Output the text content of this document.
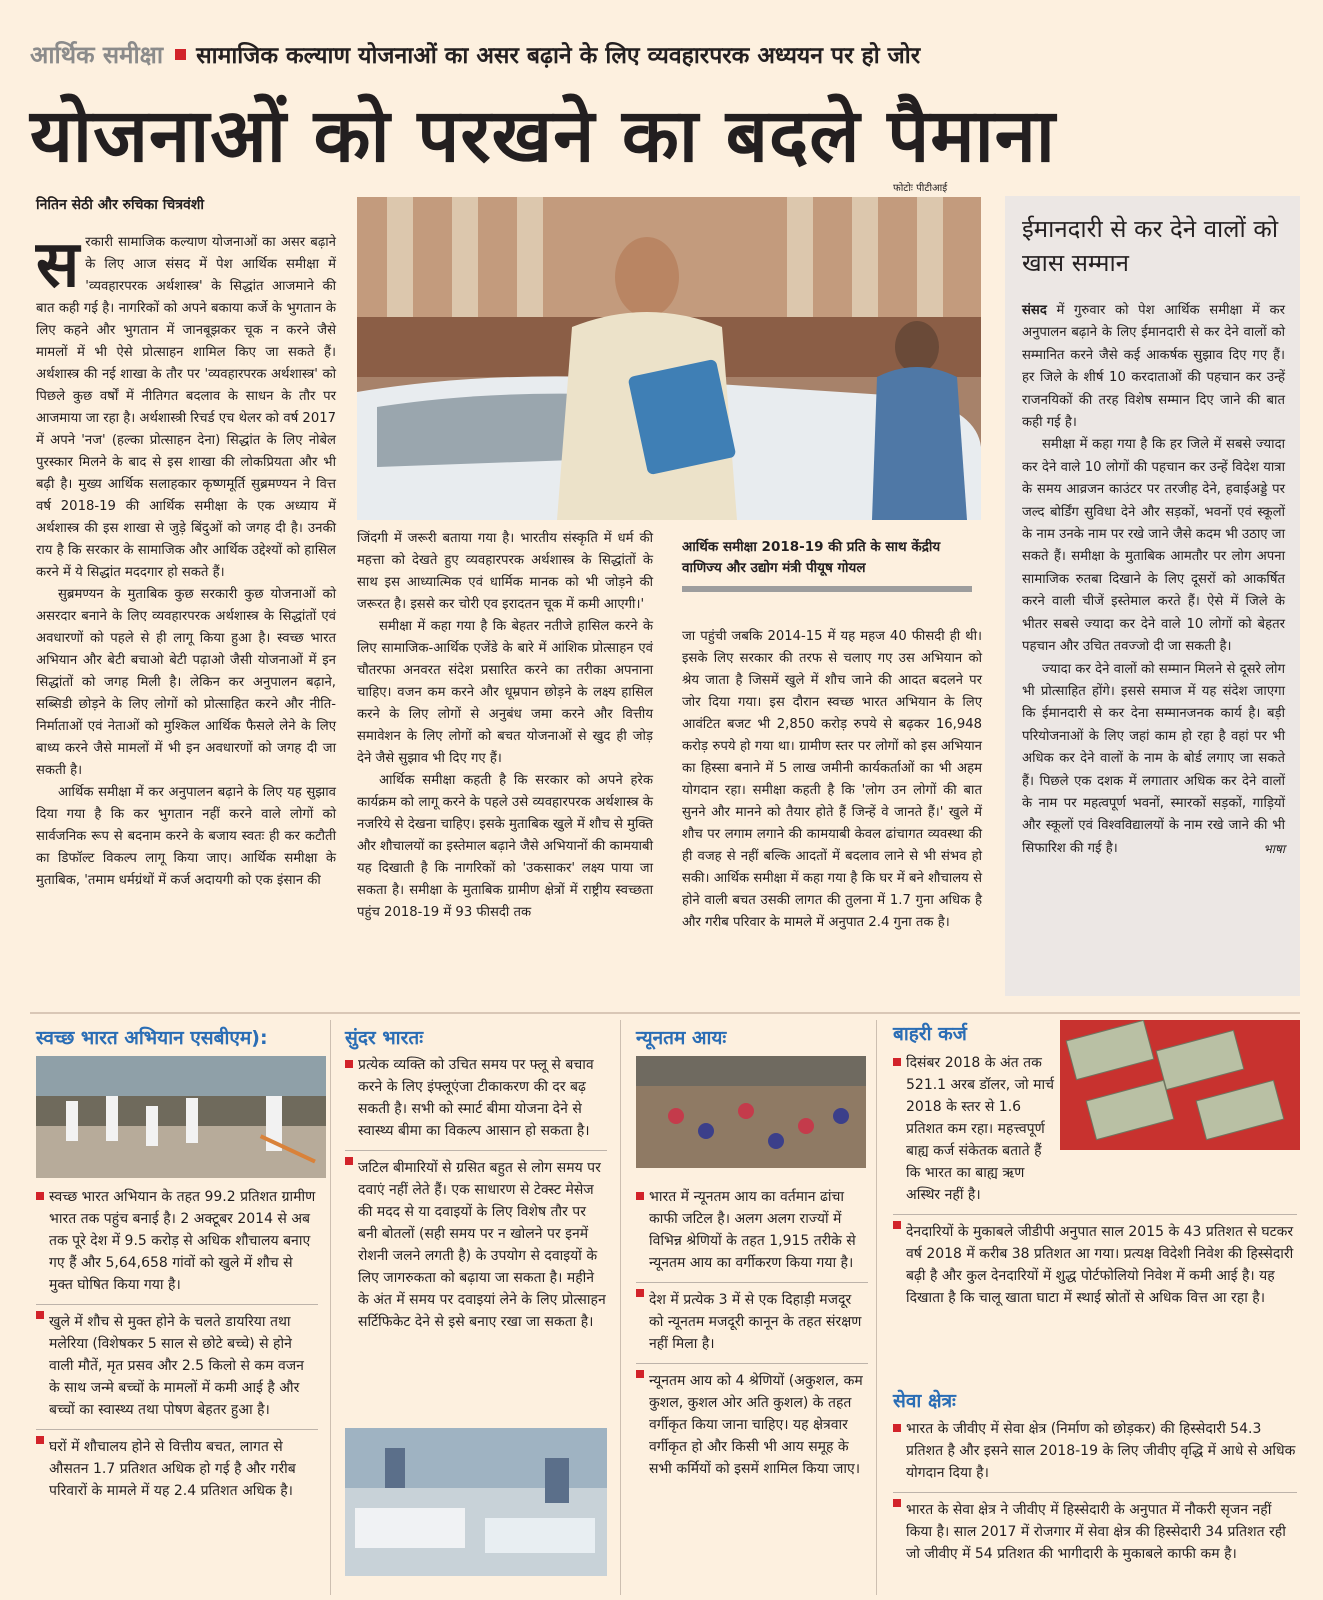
आर्थिक समीक्षा सामाजिक कल्याण योजनाओं का असर बढ़ाने के लिए व्यवहारपरक अध्ययन पर हो जोर
योजनाओं को परखने का बदले पैमाना
नितिन सेठी और रुचिका चित्रवंशी
फोटोः पीटीआई

सरकारी सामाजिक कल्याण योजनाओं का असर बढ़ाने के लिए आज संसद में पेश आर्थिक समीक्षा में 'व्यवहारपरक अर्थशास्त्र' के सिद्धांत आजमाने की बात कही गई है। नागरिकों को अपने बकाया कर्जे के भुगतान के लिए कहने और भुगतान में जानबूझकर चूक न करने जैसे मामलों में भी ऐसे प्रोत्साहन शामिल किए जा सकते हैं। अर्थशास्त्र की नई शाखा के तौर पर 'व्यवहारपरक अर्थशास्त्र' को पिछले कुछ वर्षों में नीतिगत बदलाव के साधन के तौर पर आजमाया जा रहा है। अर्थशास्त्री रिचर्ड एच थेलर को वर्ष 2017 में अपने 'नज' (हल्का प्रोत्साहन देना) सिद्धांत के लिए नोबेल पुरस्कार मिलने के बाद से इस शाखा की लोकप्रियता और भी बढ़ी है। मुख्य आर्थिक सलाहकार कृष्णमूर्ति सुब्रमण्यन ने वित्त वर्ष 2018-19 की आर्थिक समीक्षा के एक अध्याय में अर्थशास्त्र की इस शाखा से जुड़े बिंदुओं को जगह दी है। उनकी राय है कि सरकार के सामाजिक और आर्थिक उद्देश्यों को हासिल करने में ये सिद्धांत मददगार हो सकते हैं।

सुब्रमण्यन के मुताबिक कुछ सरकारी कुछ योजनाओं को असरदार बनाने के लिए व्यवहारपरक अर्थशास्त्र के सिद्धांतों एवं अवधारणों को पहले से ही लागू किया हुआ है। स्वच्छ भारत अभियान और बेटी बचाओ बेटी पढ़ाओ जैसी योजनाओं में इन सिद्धांतों को जगह मिली है। लेकिन कर अनुपालन बढ़ाने, सब्सिडी छोड़ने के लिए लोगों को प्रोत्साहित करने और नीति-निर्माताओं एवं नेताओं को मुश्किल आर्थिक फैसले लेने के लिए बाध्य करने जैसे मामलों में भी इन अवधारणों को जगह दी जा सकती है।

आर्थिक समीक्षा में कर अनुपालन बढ़ाने के लिए यह सुझाव दिया गया है कि कर भुगतान नहीं करने वाले लोगों को सार्वजनिक रूप से बदनाम करने के बजाय स्वतः ही कर कटौती का डिफॉल्ट विकल्प लागू किया जाए। आर्थिक समीक्षा के मुताबिक, 'तमाम धर्मग्रंथों में कर्ज अदायगी को एक इंसान की

जिंदगी में जरूरी बताया गया है। भारतीय संस्कृति में धर्म की महत्ता को देखते हुए व्यवहारपरक अर्थशास्त्र के सिद्धांतों के साथ इस आध्यात्मिक एवं धार्मिक मानक को भी जोड़ने की जरूरत है। इससे कर चोरी एव इरादतन चूक में कमी आएगी।'

समीक्षा में कहा गया है कि बेहतर नतीजे हासिल करने के लिए सामाजिक-आर्थिक एजेंडे के बारे में आंशिक प्रोत्साहन एवं चौतरफा अनवरत संदेश प्रसारित करने का तरीका अपनाना चाहिए। वजन कम करने और धूम्रपान छोड़ने के लक्ष्य हासिल करने के लिए लोगों से अनुबंध जमा करने और वित्तीय समावेशन के लिए लोगों को बचत योजनाओं से खुद ही जोड़ देने जैसे सुझाव भी दिए गए हैं।

आर्थिक समीक्षा कहती है कि सरकार को अपने हरेक कार्यक्रम को लागू करने के पहले उसे व्यवहारपरक अर्थशास्त्र के नजरिये से देखना चाहिए। इसके मुताबिक खुले में शौच से मुक्ति और शौचालयों का इस्तेमाल बढ़ाने जैसे अभियानों की कामयाबी यह दिखाती है कि नागरिकों को 'उकसाकर' लक्ष्य पाया जा सकता है। समीक्षा के मुताबिक ग्रामीण क्षेत्रों में राष्ट्रीय स्वच्छता पहुंच 2018-19 में 93 फीसदी तक

आर्थिक समीक्षा 2018-19 की प्रति के साथ केंद्रीय वाणिज्य और उद्योग मंत्री पीयूष गोयल

जा पहुंची जबकि 2014-15 में यह महज 40 फीसदी ही थी। इसके लिए सरकार की तरफ से चलाए गए उस अभियान को श्रेय जाता है जिसमें खुले में शौच जाने की आदत बदलने पर जोर दिया गया। इस दौरान स्वच्छ भारत अभियान के लिए आवंटित बजट भी 2,850 करोड़ रुपये से बढ़कर 16,948 करोड़ रुपये हो गया था। ग्रामीण स्तर पर लोगों को इस अभियान का हिस्सा बनाने में 5 लाख जमीनी कार्यकर्ताओं का भी अहम योगदान रहा। समीक्षा कहती है कि 'लोग उन लोगों की बात सुनने और मानने को तैयार होते हैं जिन्हें वे जानते हैं।' खुले में शौच पर लगाम लगाने की कामयाबी केवल ढांचागत व्यवस्था की ही वजह से नहीं बल्कि आदतों में बदलाव लाने से भी संभव हो सकी। आर्थिक समीक्षा में कहा गया है कि घर में बने शौचालय से होने वाली बचत उसकी लागत की तुलना में 1.7 गुना अधिक है और गरीब परिवार के मामले में अनुपात 2.4 गुना तक है।

ईमानदारी से कर देने वालों को खास सम्मान

संसद में गुरुवार को पेश आर्थिक समीक्षा में कर अनुपालन बढ़ाने के लिए ईमानदारी से कर देने वालों को सम्मानित करने जैसे कई आकर्षक सुझाव दिए गए हैं। हर जिले के शीर्ष 10 करदाताओं की पहचान कर उन्हें राजनयिकों की तरह विशेष सम्मान दिए जाने की बात कही गई है।

समीक्षा में कहा गया है कि हर जिले में सबसे ज्यादा कर देने वाले 10 लोगों की पहचान कर उन्हें विदेश यात्रा के समय आव्रजन काउंटर पर तरजीह देने, हवाईअड्डे पर जल्द बोर्डिंग सुविधा देने और सड़कों, भवनों एवं स्कूलों के नाम उनके नाम पर रखे जाने जैसे कदम भी उठाए जा सकते हैं। समीक्षा के मुताबिक आमतौर पर लोग अपना सामाजिक रुतबा दिखाने के लिए दूसरों को आकर्षित करने वाली चीजें इस्तेमाल करते हैं। ऐसे में जिले के भीतर सबसे ज्यादा कर देने वाले 10 लोगों को बेहतर पहचान और उचित तवज्जो दी जा सकती है।

ज्यादा कर देने वालों को सम्मान मिलने से दूसरे लोग भी प्रोत्साहित होंगे। इससे समाज में यह संदेश जाएगा कि ईमानदारी से कर देना सम्मानजनक कार्य है। बड़ी परियोजनाओं के लिए जहां काम हो रहा है वहां पर भी अधिक कर देने वालों के नाम के बोर्ड लगाए जा सकते हैं। पिछले एक दशक में लगातार अधिक कर देने वालों के नाम पर महत्वपूर्ण भवनों, स्मारकों सड़कों, गाड़ियों और स्कूलों एवं विश्वविद्यालयों के नाम रखे जाने की भी सिफारिश की गई है।	भाषा

स्वच्छ भारत अभियान एसबीएम):

स्वच्छ भारत अभियान के तहत 99.2 प्रतिशत ग्रामीण भारत तक पहुंच बनाई है। 2 अक्टूबर 2014 से अब तक पूरे देश में 9.5 करोड़ से अधिक शौचालय बनाए गए हैं और 5,64,658 गांवों को खुले में शौच से मुक्त घोषित किया गया है।

खुले में शौच से मुक्त होने के चलते डायरिया तथा मलेरिया (विशेषकर 5 साल से छोटे बच्चे) से होने वाली मौतें, मृत प्रसव और 2.5 किलो से कम वजन के साथ जन्मे बच्चों के मामलों में कमी आई है और बच्चों का स्वास्थ्य तथा पोषण बेहतर हुआ है।

घरों में शौचालय होने से वित्तीय बचत, लागत से औसतन 1.7 प्रतिशत अधिक हो गई है और गरीब परिवारों के मामले में यह 2.4 प्रतिशत अधिक है।

सुंदर भारतः

प्रत्येक व्यक्ति को उचित समय पर फ्लू से बचाव करने के लिए इंफ्लूएंजा टीकाकरण की दर बढ़ सकती है। सभी को स्मार्ट बीमा योजना देने से स्वास्थ्य बीमा का विकल्प आसान हो सकता है।

जटिल बीमारियों से ग्रसित बहुत से लोग समय पर दवाएं नहीं लेते हैं। एक साधारण से टेक्स्ट मेसेज की मदद से या दवाइयों के लिए विशेष तौर पर बनी बोतलों (सही समय पर न खोलने पर इनमें रोशनी जलने लगती है) के उपयोग से दवाइयों के लिए जागरुकता को बढ़ाया जा सकता है। महीने के अंत में समय पर दवाइयां लेने के लिए प्रोत्साहन सर्टिफिकेट देने से इसे बनाए रखा जा सकता है।

न्यूनतम आयः

भारत में न्यूनतम आय का वर्तमान ढांचा काफी जटिल है। अलग अलग राज्यों में विभिन्न श्रेणियों के तहत 1,915 तरीके से न्यूनतम आय का वर्गीकरण किया गया है।

देश में प्रत्येक 3 में से एक दिहाड़ी मजदूर को न्यूनतम मजदूरी कानून के तहत संरक्षण नहीं मिला है।

न्यूनतम आय को 4 श्रेणियों (अकुशल, कम कुशल, कुशल ओर अति कुशल) के तहत वर्गीकृत किया जाना चाहिए। यह क्षेत्रवार वर्गीकृत हो और किसी भी आय समूह के सभी कर्मियों को इसमें शामिल किया जाए।

बाहरी कर्ज

दिसंबर 2018 के अंत तक 521.1 अरब डॉलर, जो मार्च 2018 के स्तर से 1.6 प्रतिशत कम रहा। महत्त्वपूर्ण बाह्य कर्ज संकेतक बताते हैं कि भारत का बाह्य ऋण अस्थिर नहीं है।

देनदारियों के मुकाबले जीडीपी अनुपात साल 2015 के 43 प्रतिशत से घटकर वर्ष 2018 में करीब 38 प्रतिशत आ गया। प्रत्यक्ष विदेशी निवेश की हिस्सेदारी बढ़ी है और कुल देनदारियों में शुद्ध पोर्टफोलियो निवेश में कमी आई है। यह दिखाता है कि चालू खाता घाटा में स्थाई स्रोतों से अधिक वित्त आ रहा है।

सेवा क्षेत्रः

भारत के जीवीए में सेवा क्षेत्र (निर्माण को छोड़कर) की हिस्सेदारी 54.3 प्रतिशत है और इसने साल 2018-19 के लिए जीवीए वृद्धि में आधे से अधिक योगदान दिया है।

भारत के सेवा क्षेत्र ने जीवीए में हिस्सेदारी के अनुपात में नौकरी सृजन नहीं किया है। साल 2017 में रोजगार में सेवा क्षेत्र की हिस्सेदारी 34 प्रतिशत रही जो जीवीए में 54 प्रतिशत की भागीदारी के मुकाबले काफी कम है।
